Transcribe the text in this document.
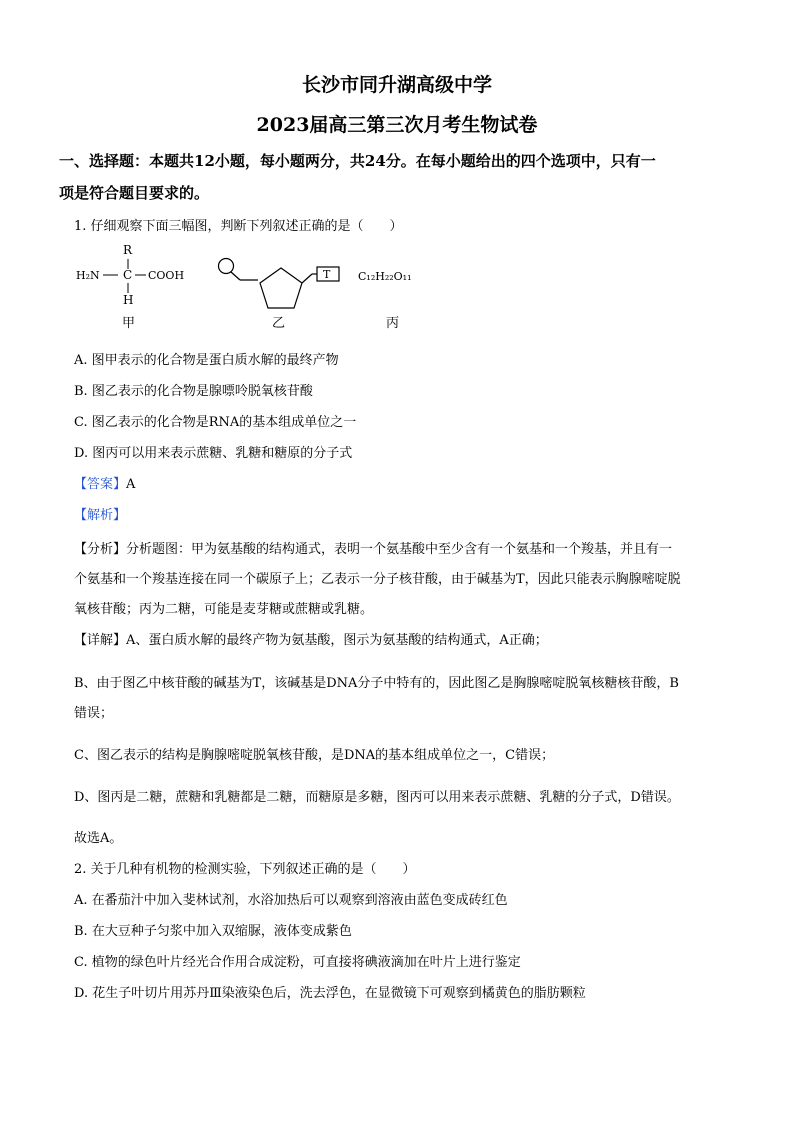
长沙市同升湖高级中学
2023届高三第三次月考生物试卷
一、选择题：本题共12小题，每小题两分，共24分。在每小题给出的四个选项中，只有一
项是符合题目要求的。
1. 仔细观察下面三幅图，判断下列叙述正确的是（　　）
R
H₂N C COOH
H
T	C₁₂H₂₂O₁₁
甲	乙	丙
A. 图甲表示的化合物是蛋白质水解的最终产物
B. 图乙表示的化合物是腺嘌呤脱氧核苷酸
C. 图乙表示的化合物是RNA的基本组成单位之一
D. 图丙可以用来表示蔗糖、乳糖和糖原的分子式
【答案】A
【解析】
【分析】分析题图：甲为氨基酸的结构通式，表明一个氨基酸中至少含有一个氨基和一个羧基，并且有一
个氨基和一个羧基连接在同一个碳原子上；乙表示一分子核苷酸，由于碱基为T，因此只能表示胸腺嘧啶脱
氧核苷酸；丙为二糖，可能是麦芽糖或蔗糖或乳糖。
【详解】A、蛋白质水解的最终产物为氨基酸，图示为氨基酸的结构通式，A正确；
B、由于图乙中核苷酸的碱基为T，该碱基是DNA分子中特有的，因此图乙是胸腺嘧啶脱氧核糖核苷酸，B
错误；
C、图乙表示的结构是胸腺嘧啶脱氧核苷酸，是DNA的基本组成单位之一，C错误；
D、图丙是二糖，蔗糖和乳糖都是二糖，而糖原是多糖，图丙可以用来表示蔗糖、乳糖的分子式，D错误。
故选A。
2. 关于几种有机物的检测实验，下列叙述正确的是（　　）
A. 在番茄汁中加入斐林试剂，水浴加热后可以观察到溶液由蓝色变成砖红色
B. 在大豆种子匀浆中加入双缩脲，液体变成紫色
C. 植物的绿色叶片经光合作用合成淀粉，可直接将碘液滴加在叶片上进行鉴定
D. 花生子叶切片用苏丹Ⅲ染液染色后，洗去浮色，在显微镜下可观察到橘黄色的脂肪颗粒
